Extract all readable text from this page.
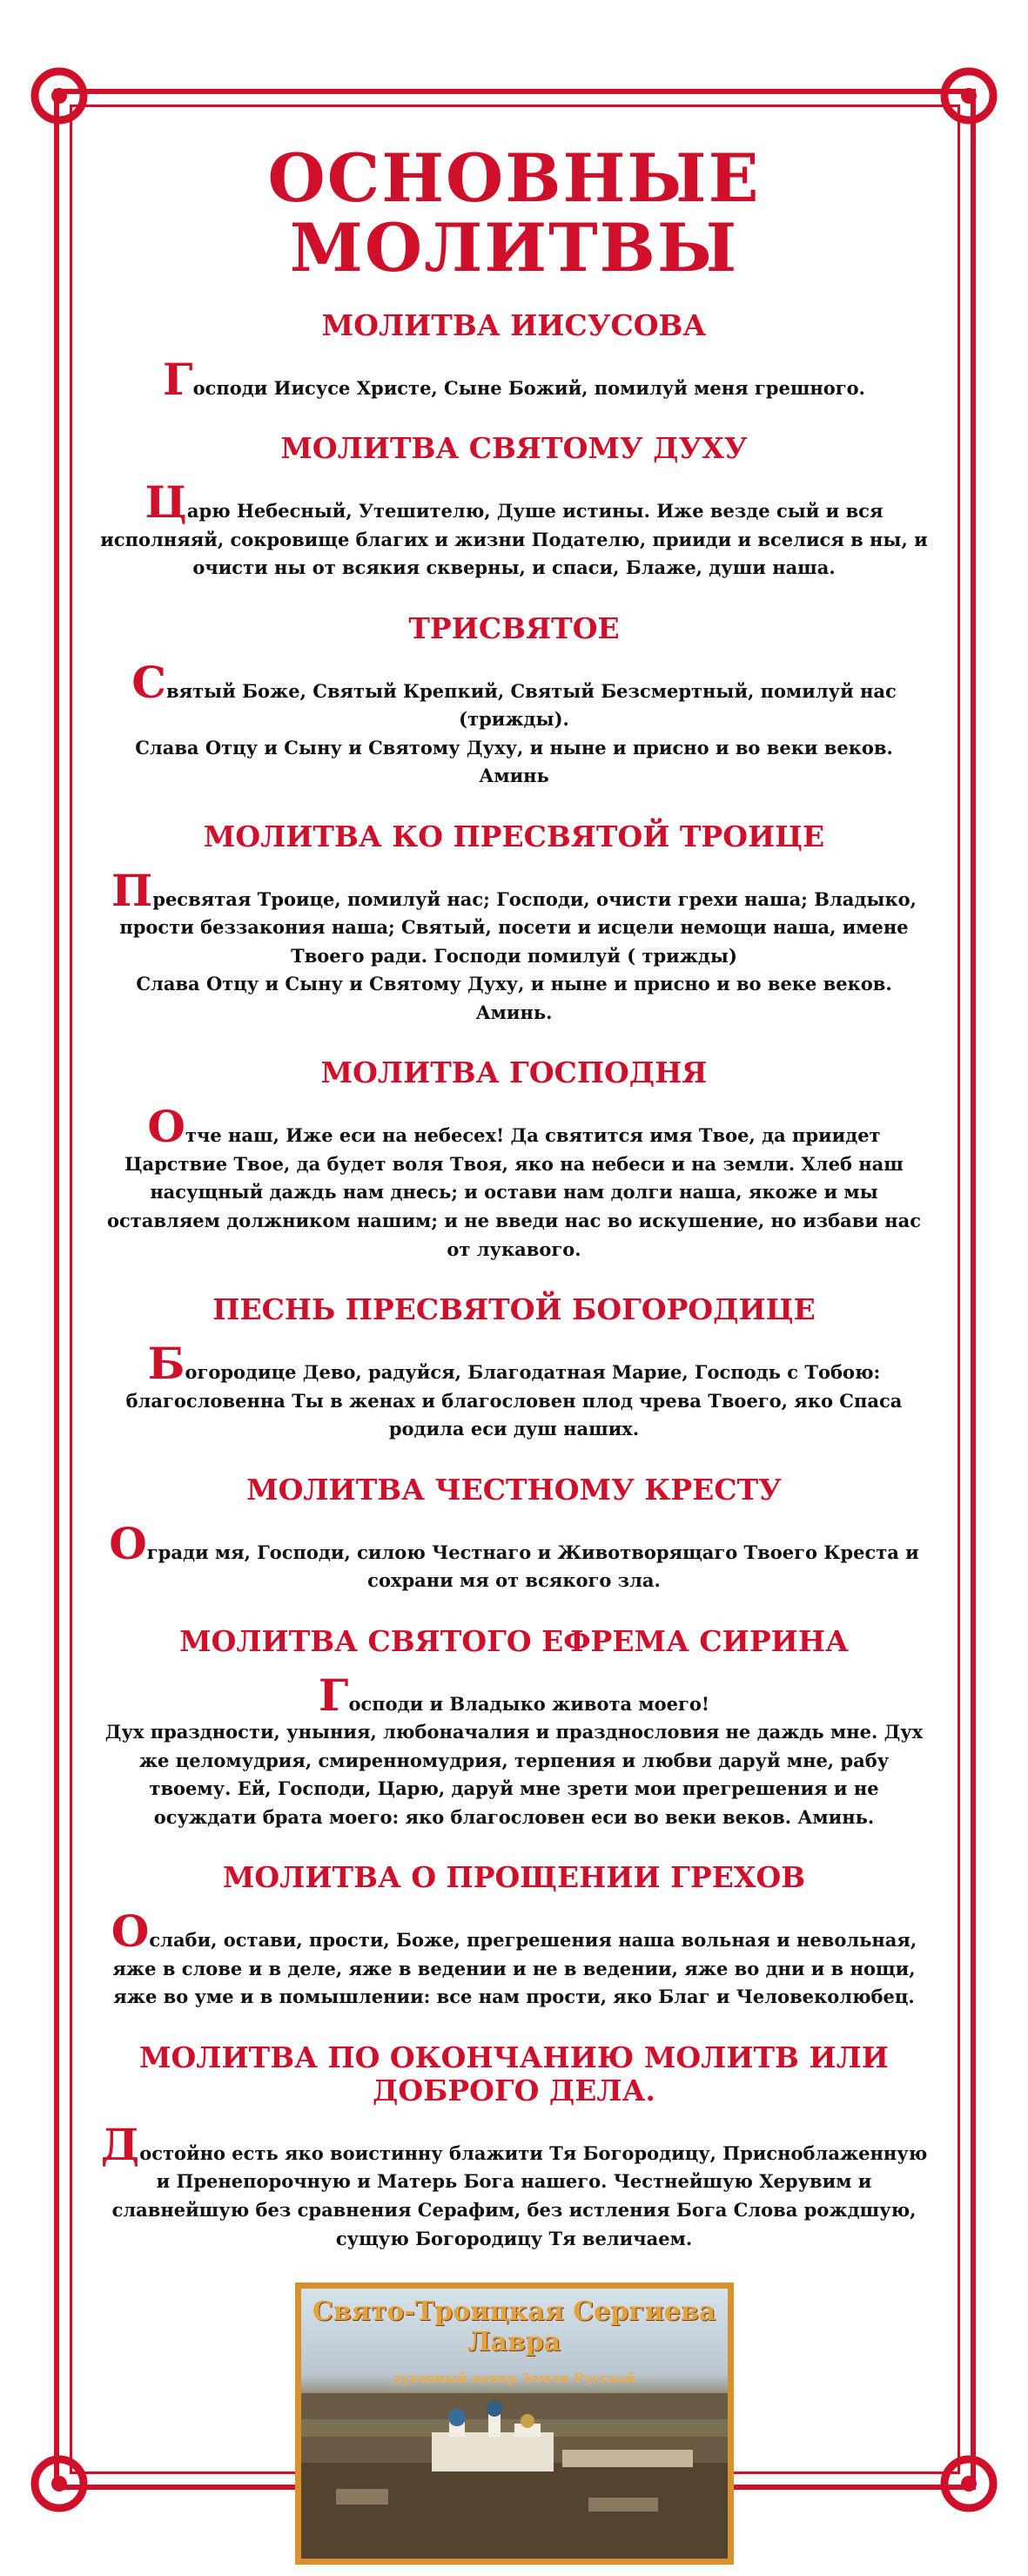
ОСНОВНЫЕ МОЛИТВЫ
МОЛИТВА ИИСУСОВА

Господи Иисусе Христе, Сыне Божий, помилуй меня грешного.

МОЛИТВА СВЯТОМУ ДУХУ

Царю Небесный, Утешителю, Душе истины. Иже везде сый и вся исполняяй, сокровище благих и жизни Подателю, прииди и вселися в ны, и очисти ны от всякия скверны, и спаси, Блаже, души наша.

ТРИСВЯТОЕ

Святый Боже, Святый Крепкий, Святый Безсмертный, помилуй нас (трижды).

Слава Отцу и Сыну и Святому Духу, и ныне и присно и во веки веков.

Аминь

МОЛИТВА КО ПРЕСВЯТОЙ ТРОИЦЕ

Пресвятая Троице, помилуй нас; Господи, очисти грехи наша; Владыко, прости беззакония наша; Святый, посети и исцели немощи наша, имене Твоего ради. Господи помилуй ( трижды)

Слава Отцу и Сыну и Святому Духу, и ныне и присно и во веке веков.

Аминь.

МОЛИТВА ГОСПОДНЯ

Отче наш, Иже еси на небесех! Да святится имя Твое, да приидет Царствие Твое, да будет воля Твоя, яко на небеси и на земли. Хлеб наш насущный даждь нам днесь; и остави нам долги наша, якоже и мы оставляем должником нашим; и не введи нас во искушение, но избави нас от лукавого.

ПЕСНЬ ПРЕСВЯТОЙ БОГОРОДИЦЕ

Богородице Дево, радуйся, Благодатная Марие, Господь с Тобою: благословенна Ты в женах и благословен плод чрева Твоего, яко Спаса родила еси душ наших.

МОЛИТВА ЧЕСТНОМУ КРЕСТУ

Огради мя, Господи, силою Честнаго и Животворящаго Твоего Креста и сохрани мя от всякого зла.

МОЛИТВА СВЯТОГО ЕФРЕМА СИРИНА

Господи и Владыко живота моего!

Дух праздности, уныния, любоначалия и празднословия не даждь мне. Дух же целомудрия, смиренномудрия, терпения и любви даруй мне, рабу твоему. Ей, Господи, Царю, даруй мне зрети мои прегрешения и не осуждати брата моего: яко благословен еси во веки веков. Аминь.

МОЛИТВА О ПРОЩЕНИИ ГРЕХОВ

Ослаби, остави, прости, Боже, прегрешения наша вольная и невольная, яже в слове и в деле, яже в ведении и не в ведении, яже во дни и в нощи, яже во уме и в помышлении: все нам прости, яко Благ и Человеколюбец.

МОЛИТВА ПО ОКОНЧАНИЮ МОЛИТВ ИЛИ ДОБРОГО ДЕЛА.

Достойно есть яко воистинну блажити Тя Богородицу, Присноблаженную и Пренепорочную и Матерь Бога нашего. Честнейшую Херувим и славнейшую без сравнения Серафим, без истления Бога Слова рождшую, сущую Богородицу Тя величаем.

Свято-Троицкая Сергиева Лавра
духовный центр Земли Русской
